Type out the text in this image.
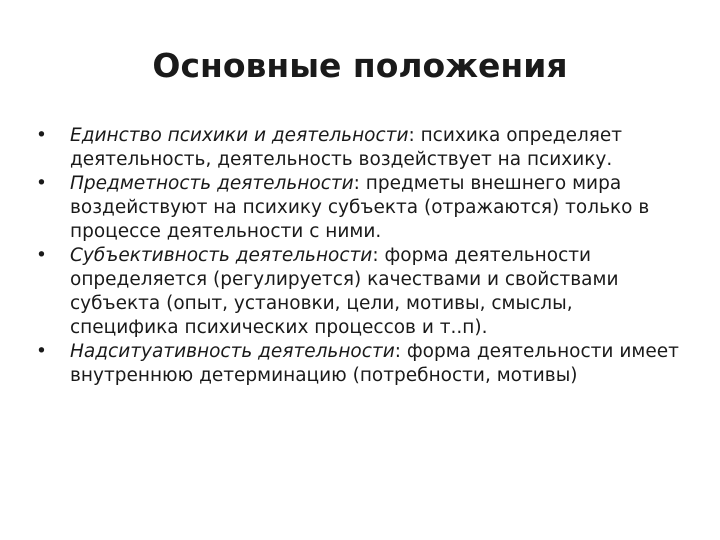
Основные положения
•	Единство психики и деятельности: психика определяет деятельность, деятельность воздействует на психику.
•	Предметность деятельности: предметы внешнего мира воздействуют на психику субъекта (отражаются) только в процессе деятельности с ними.
•	Субъективность деятельности: форма деятельности определяется (регулируется) качествами и свойствами субъекта (опыт, установки, цели, мотивы, смыслы, специфика психических процессов и т..п).
•	Надситуативность деятельности: форма деятельности имеет внутреннюю детерминацию (потребности, мотивы)
